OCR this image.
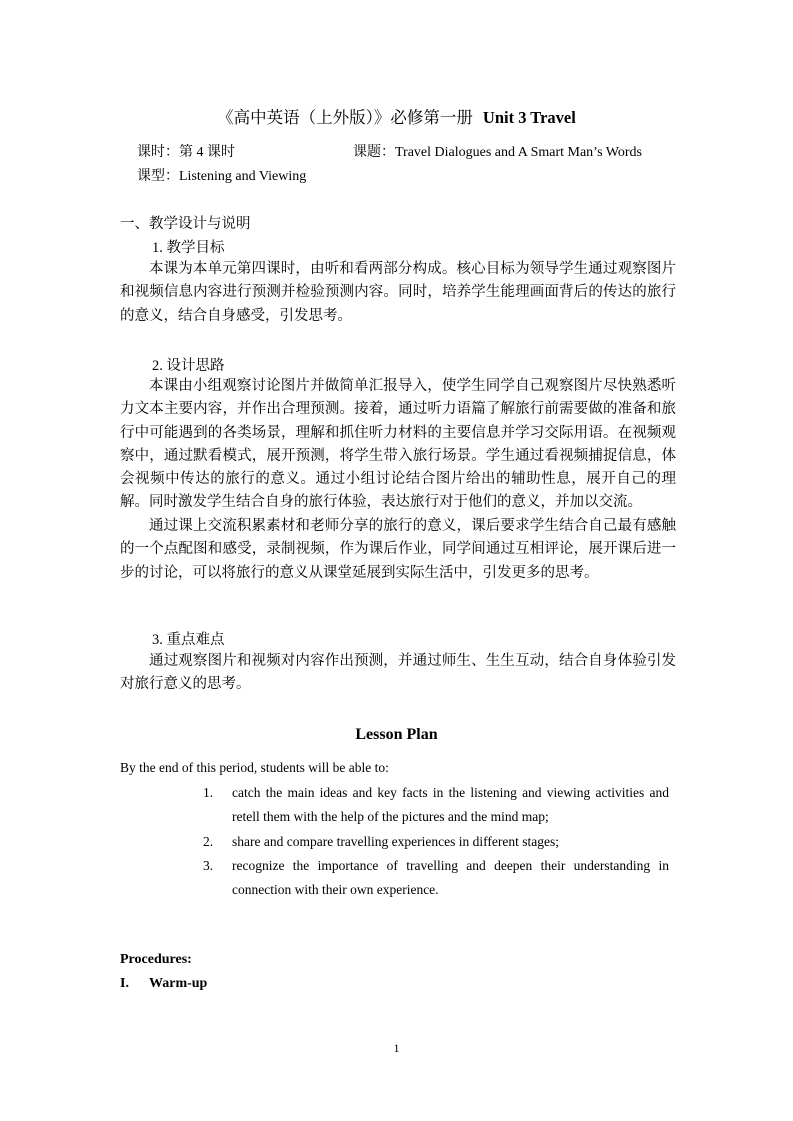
《高中英语（上外版）》必修第一册 Unit 3 Travel
课时：第 4 课时	课题：Travel Dialogues and A Smart Man’s Words
课型：Listening and Viewing
一、教学设计与说明
1. 教学目标
本课为本单元第四课时，由听和看两部分构成。核心目标为领导学生通过观察图片和视频信息内容进行预测并检验预测内容。同时，培养学生能理画面背后的传达的旅行的意义，结合自身感受，引发思考。
2. 设计思路
本课由小组观察讨论图片并做简单汇报导入，使学生同学自己观察图片尽快熟悉听力文本主要内容，并作出合理预测。接着，通过听力语篇了解旅行前需要做的准备和旅行中可能遇到的各类场景，理解和抓住听力材料的主要信息并学习交际用语。在视频观察中，通过默看模式，展开预测，将学生带入旅行场景。学生通过看视频捕捉信息，体会视频中传达的旅行的意义。通过小组讨论结合图片给出的辅助性息，展开自己的理解。同时激发学生结合自身的旅行体验，表达旅行对于他们的意义，并加以交流。
通过课上交流积累素材和老师分享的旅行的意义，课后要求学生结合自己最有感触的一个点配图和感受，录制视频，作为课后作业，同学间通过互相评论，展开课后进一步的讨论，可以将旅行的意义从课堂延展到实际生活中，引发更多的思考。
3. 重点难点
通过观察图片和视频对内容作出预测，并通过师生、生生互动，结合自身体验引发对旅行意义的思考。
Lesson Plan
By the end of this period, students will be able to:
1. catch the main ideas and key facts in the listening and viewing activities and retell them with the help of the pictures and the mind map;
2. share and compare travelling experiences in different stages;
3. recognize the importance of travelling and deepen their understanding in connection with their own experience.
Procedures:
I. Warm-up
1
